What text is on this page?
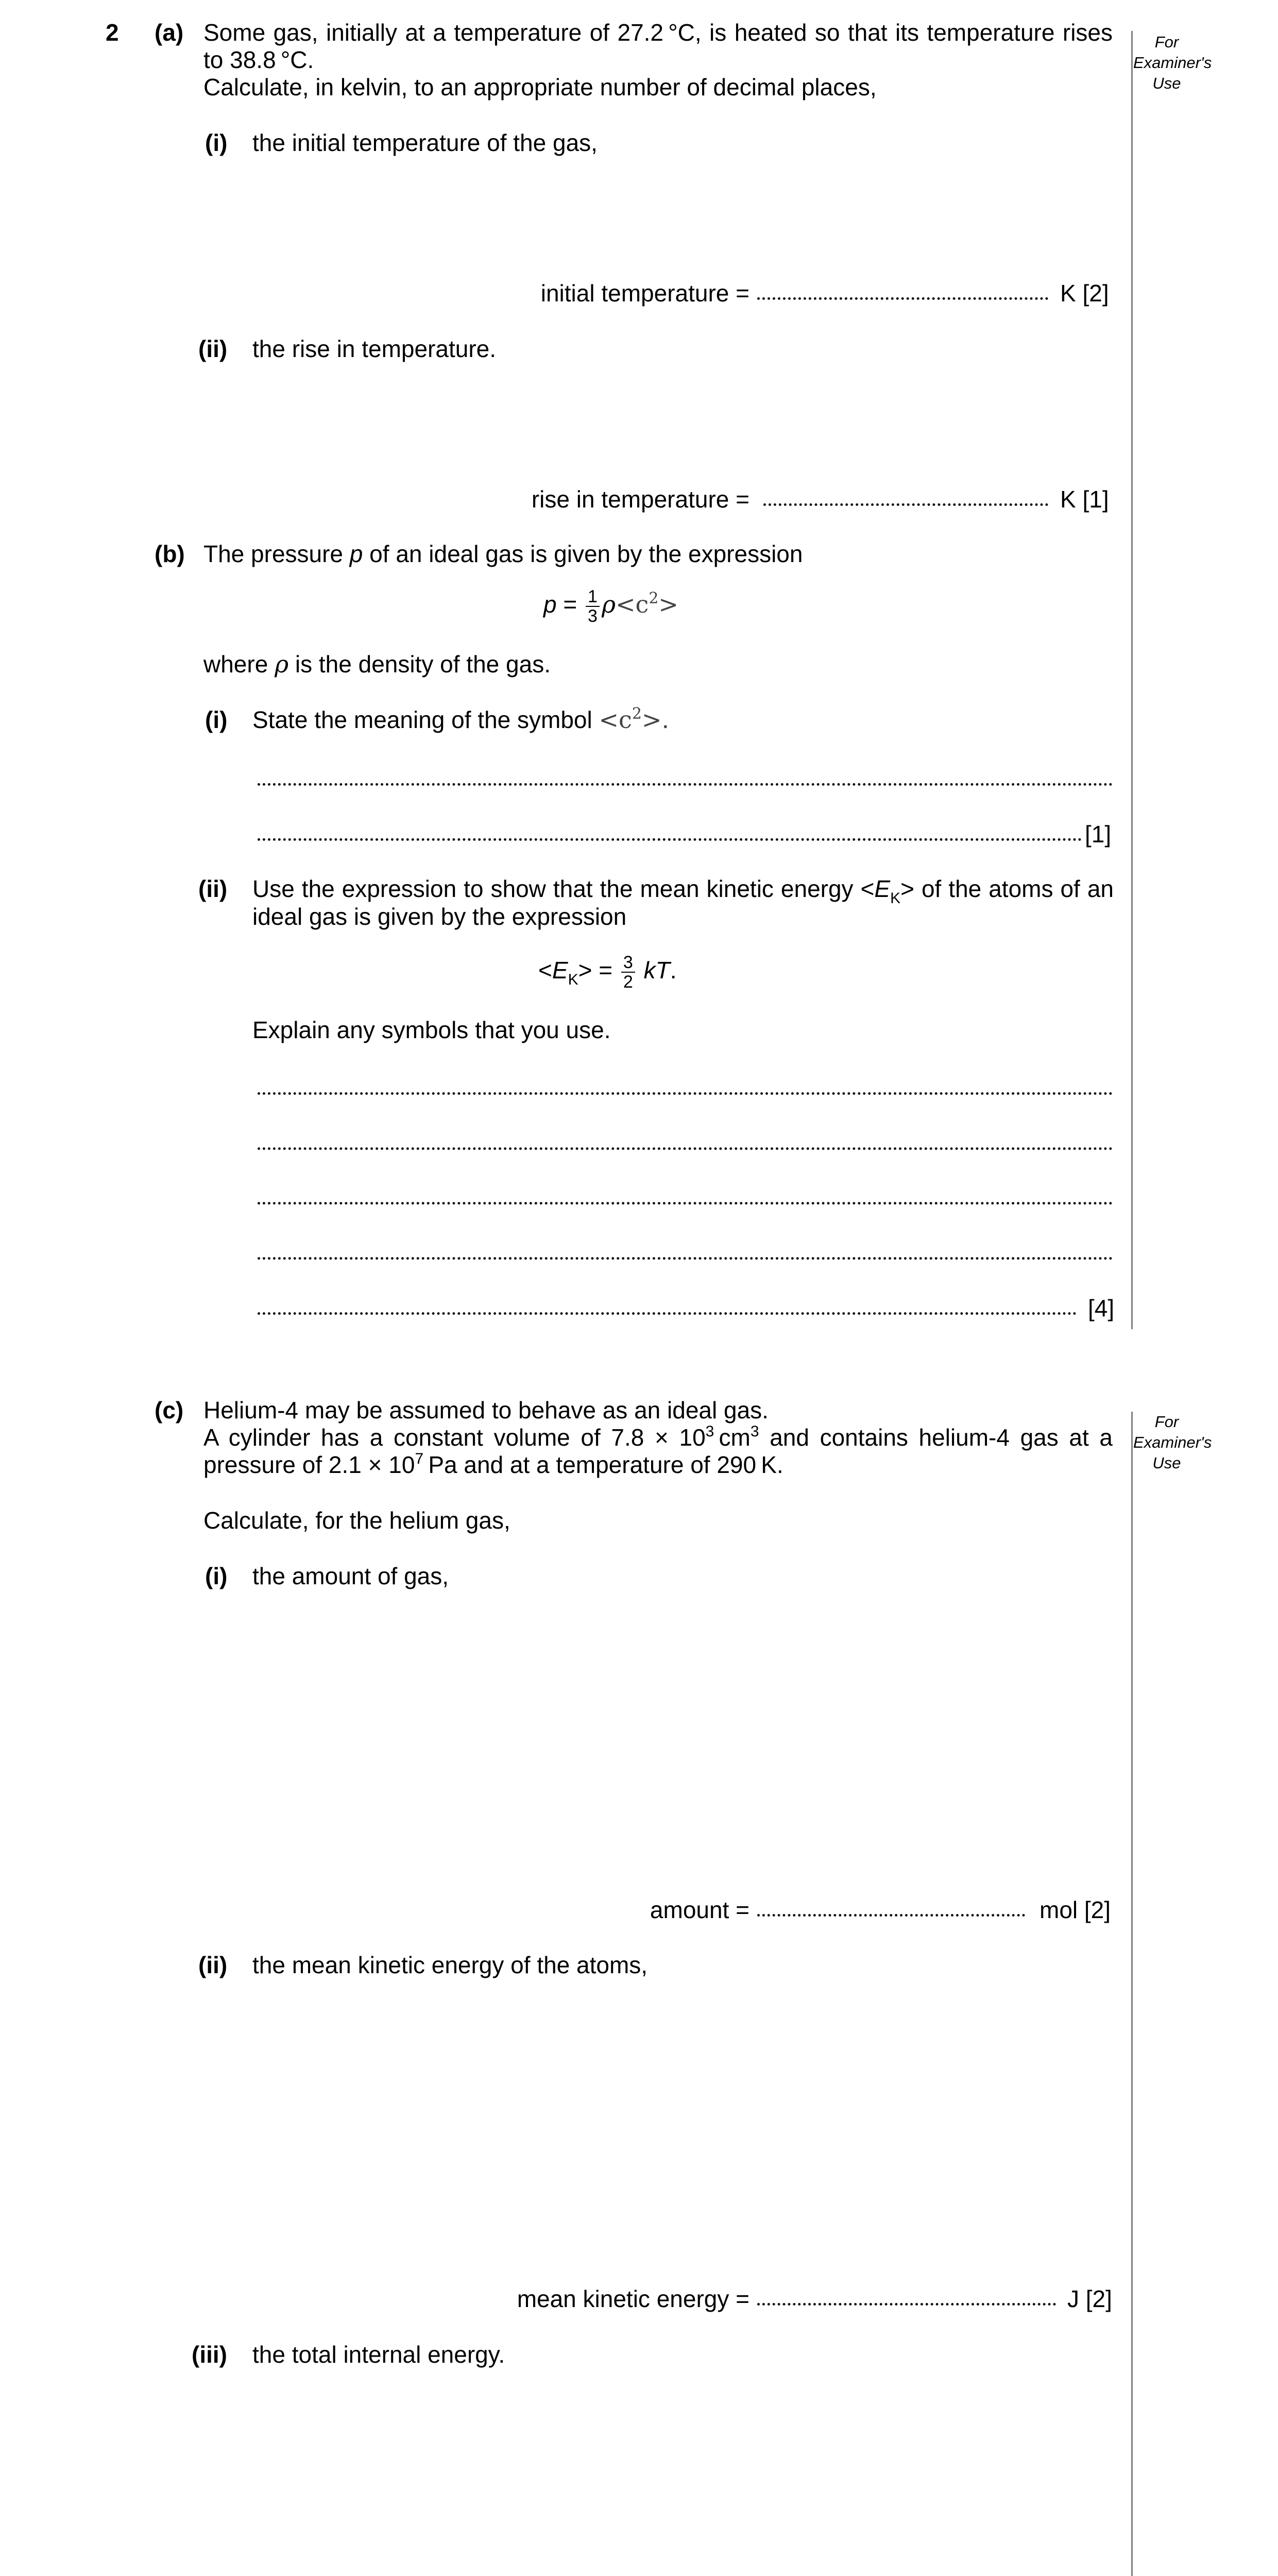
For
Examiner's
Use
For
Examiner's
Use
2 (a) Some gas, initially at a temperature of 27.2 °C, is heated so that its temperature rises
to 38.8 °C.
Calculate, in kelvin, to an appropriate number of decimal places,
(i) the initial temperature of the gas,
initial temperature =	K [2]
(ii) the rise in temperature.
rise in temperature =	K [1]
(b) The pressure p of an ideal gas is given by the expression
$p = \frac{1}{3} \rho<c^2>$
where ρ is the density of the gas.
(i) State the meaning of the symbol $<c^2>$.
[1]
(ii) Use the expression to show that the mean kinetic energy $<E_K>$ of the atoms of an
ideal gas is given by the expression
$<E_K> = \frac{3}{2}$ kT.
Explain any symbols that you use.
[4]
(c) Helium-4 may be assumed to behave as an ideal gas.
A cylinder has a constant volume of $7.8 \times 10^3$ $cm^3$ and contains helium-4 gas at a
pressure of $2.1 \times 10^7$ Pa and at a temperature of 290 K.
Calculate, for the helium gas,
(i) the amount of gas,
amount =	mol [2]
(ii) the mean kinetic energy of the atoms,
mean kinetic energy =	J [2]
(iii) the total internal energy.
